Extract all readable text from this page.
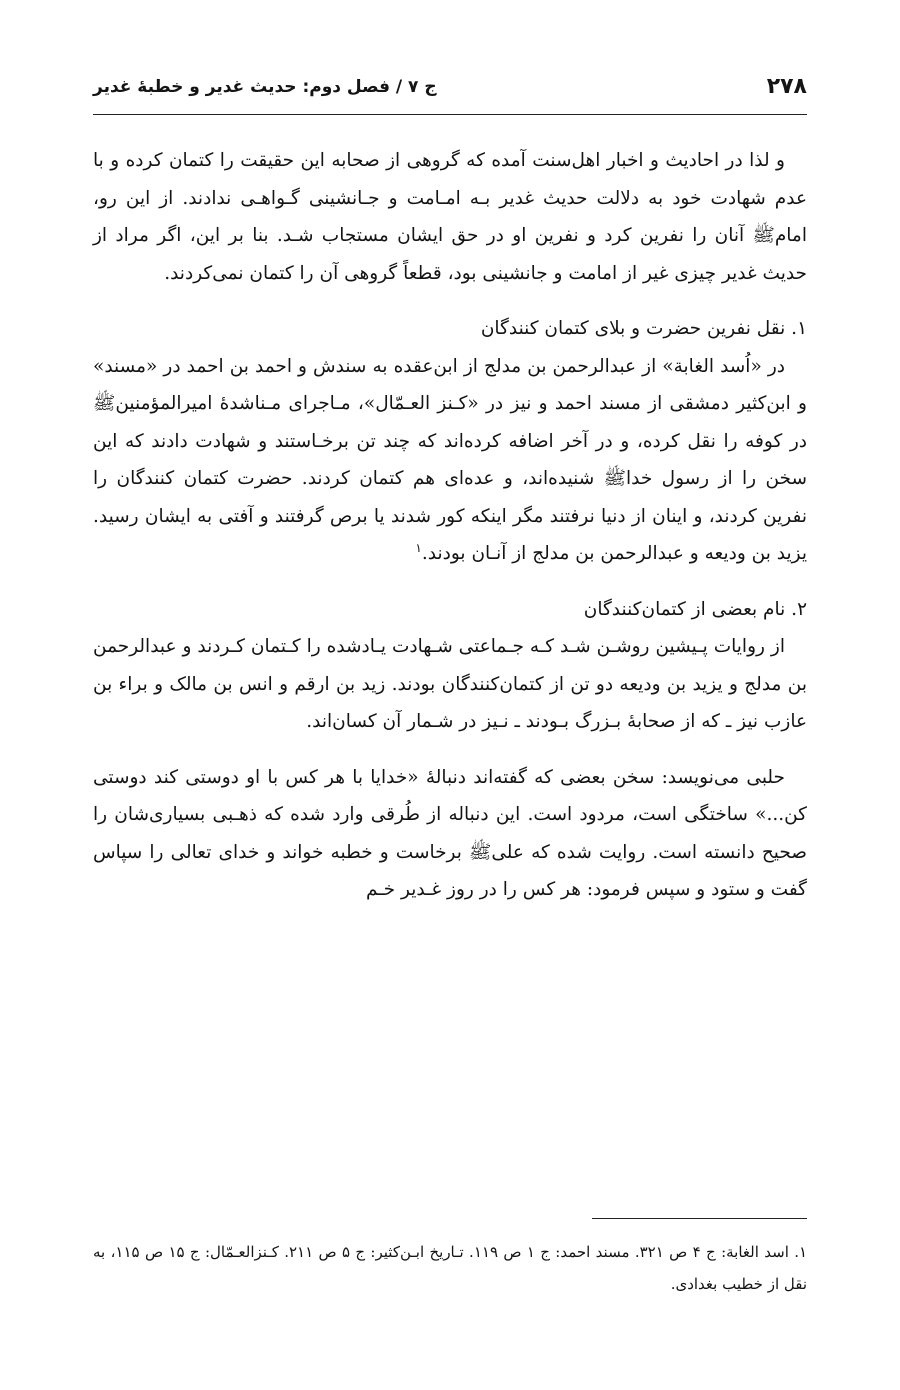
۲۷۸
ج ۷ / فصل دوم: حدیث غدیر و خطبهٔ غدیر

و لذا در احادیث و اخبار اهل‌سنت آمده که گروهی از صحابه این حقیقت را کتمان کرده و با عدم شهادت خود به دلالت حدیث غدیر بـه امـامت و جـانشینی گـواهـی ندادند. از این رو، امامﷺ آنان را نفرین کرد و نفرین او در حق ایشان مستجاب شـد. بنا بر این، اگر مراد از حدیث غدیر چیزی غیر از امامت و جانشینی بود، قطعاً گروهی آن را کتمان نمی‌کردند.

۱. نقل نفرین حضرت و بلای کتمان کنندگان

در «اُسد الغابة» از عبدالرحمن بن مدلج از ابن‌عقده به سندش و احمد بن احمد در «مسند» و ابن‌کثیر دمشقی از مسند احمد و نیز در «کـنز العـمّال»، مـاجرای مـناشدهٔ امیرالمؤمنینﷺ در کوفه را نقل کرده، و در آخر اضافه کرده‌اند که چند تن برخـاستند و شهادت دادند که این سخن را از رسول خداﷺ شنیده‌اند، و عده‌ای هم کتمان کردند. حضرت کتمان کنندگان را نفرین کردند، و اینان از دنیا نرفتند مگر اینکه کور شدند یا برص گرفتند و آفتی به ایشان رسید. یزید بن ودیعه و عبدالرحمن بن مدلج از آنـان بودند.$^۱$

۲. نام بعضی از کتمان‌کنندگان

از روایات پـیشین روشـن شـد کـه جـماعتی شـهادت یـادشده را کـتمان کـردند و عبدالرحمن بن مدلج و یزید بن ودیعه دو تن از کتمان‌کنندگان بودند. زید بن ارقم و انس بن مالک و براء بن عازب نیز ـ که از صحابهٔ بـزرگ بـودند ـ نـیز در شـمار آن کسان‌اند.

حلبی می‌نویسد: سخن بعضی که گفته‌اند دنبالهٔ «خدایا با هر کس با او دوستی کند دوستی کن...» ساختگی است، مردود است. این دنباله از طُرقی وارد شده که ذهـبی بسیاری‌شان را صحیح دانسته است. روایت شده که علیﷺ برخاست و خطبه خواند و خدای تعالی را سپاس گفت و ستود و سپس فرمود: هر کس را در روز غـدیر خـم

۱. اسد الغابة: ج ۴ ص ۳۲۱. مسند احمد: ج ۱ ص ۱۱۹. تـاریخ ابـن‌کثیر: ج ۵ ص ۲۱۱. کـنزالعـمّال: ج ۱۵ ص ۱۱۵، به نقل از خطیب بغدادی.
